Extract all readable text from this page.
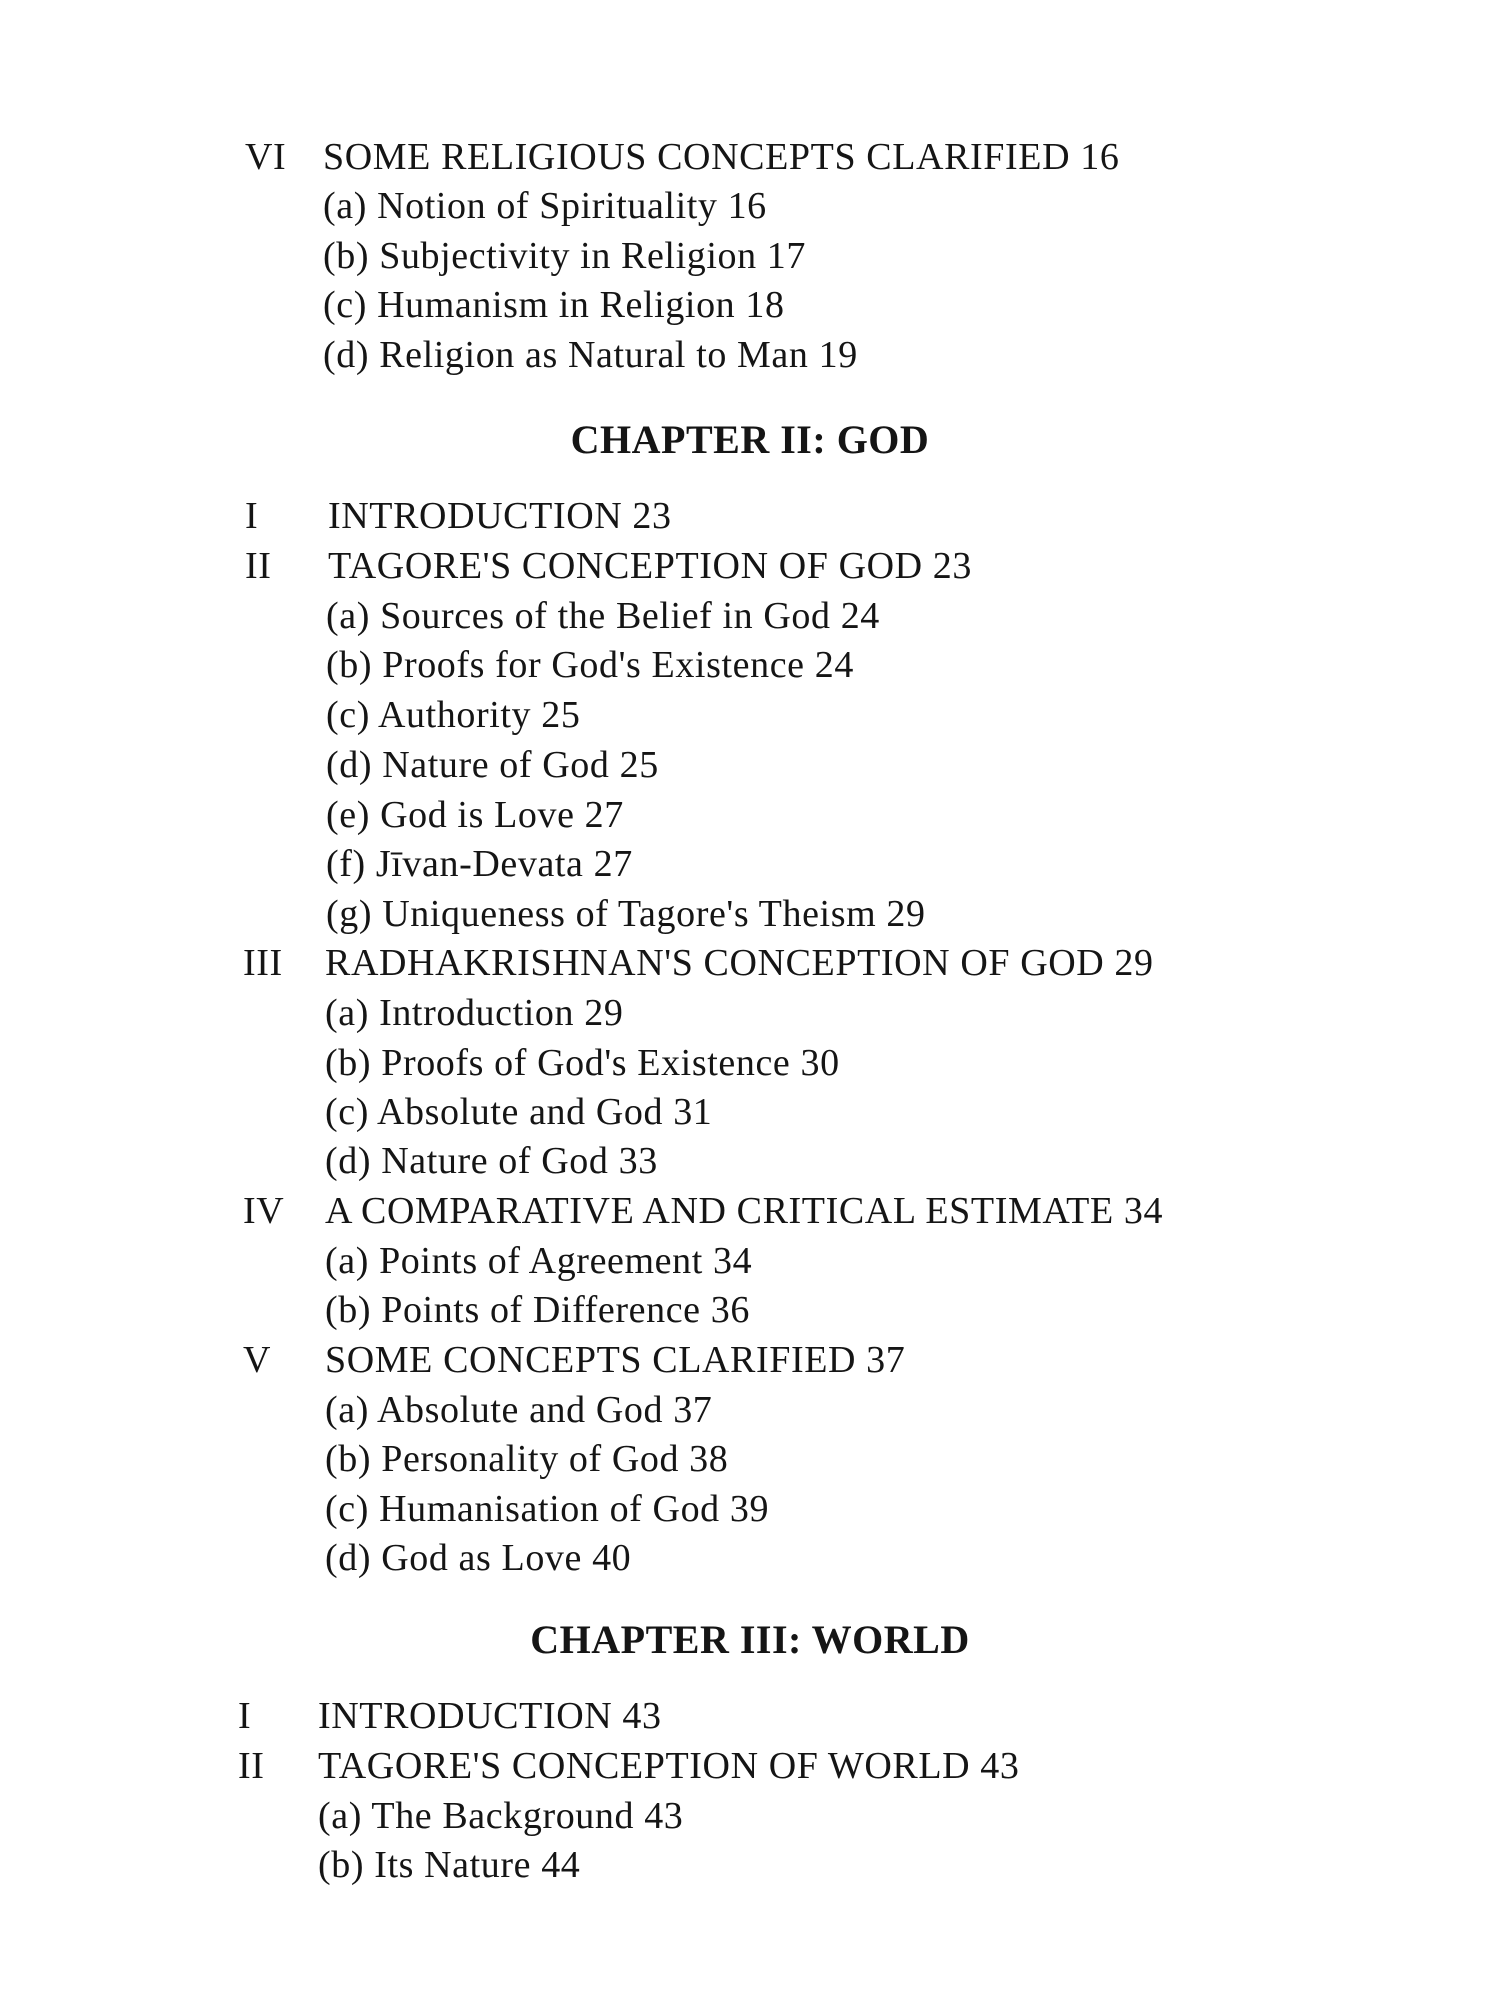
VI SOME RELIGIOUS CONCEPTS CLARIFIED 16
(a) Notion of Spirituality 16
(b) Subjectivity in Religion 17
(c) Humanism in Religion 18
(d) Religion as Natural to Man 19
CHAPTER II: GOD
I INTRODUCTION 23
II TAGORE'S CONCEPTION OF GOD 23
(a) Sources of the Belief in God 24
(b) Proofs for God's Existence 24
(c) Authority 25
(d) Nature of God 25
(e) God is Love 27
(f) Jīvan-Devata 27
(g) Uniqueness of Tagore's Theism 29
III RADHAKRISHNAN'S CONCEPTION OF GOD 29
(a) Introduction 29
(b) Proofs of God's Existence 30
(c) Absolute and God 31
(d) Nature of God 33
IV A COMPARATIVE AND CRITICAL ESTIMATE 34
(a) Points of Agreement 34
(b) Points of Difference 36
V SOME CONCEPTS CLARIFIED 37
(a) Absolute and God 37
(b) Personality of God 38
(c) Humanisation of God 39
(d) God as Love 40
CHAPTER III: WORLD
I INTRODUCTION 43
II TAGORE'S CONCEPTION OF WORLD 43
(a) The Background 43
(b) Its Nature 44
